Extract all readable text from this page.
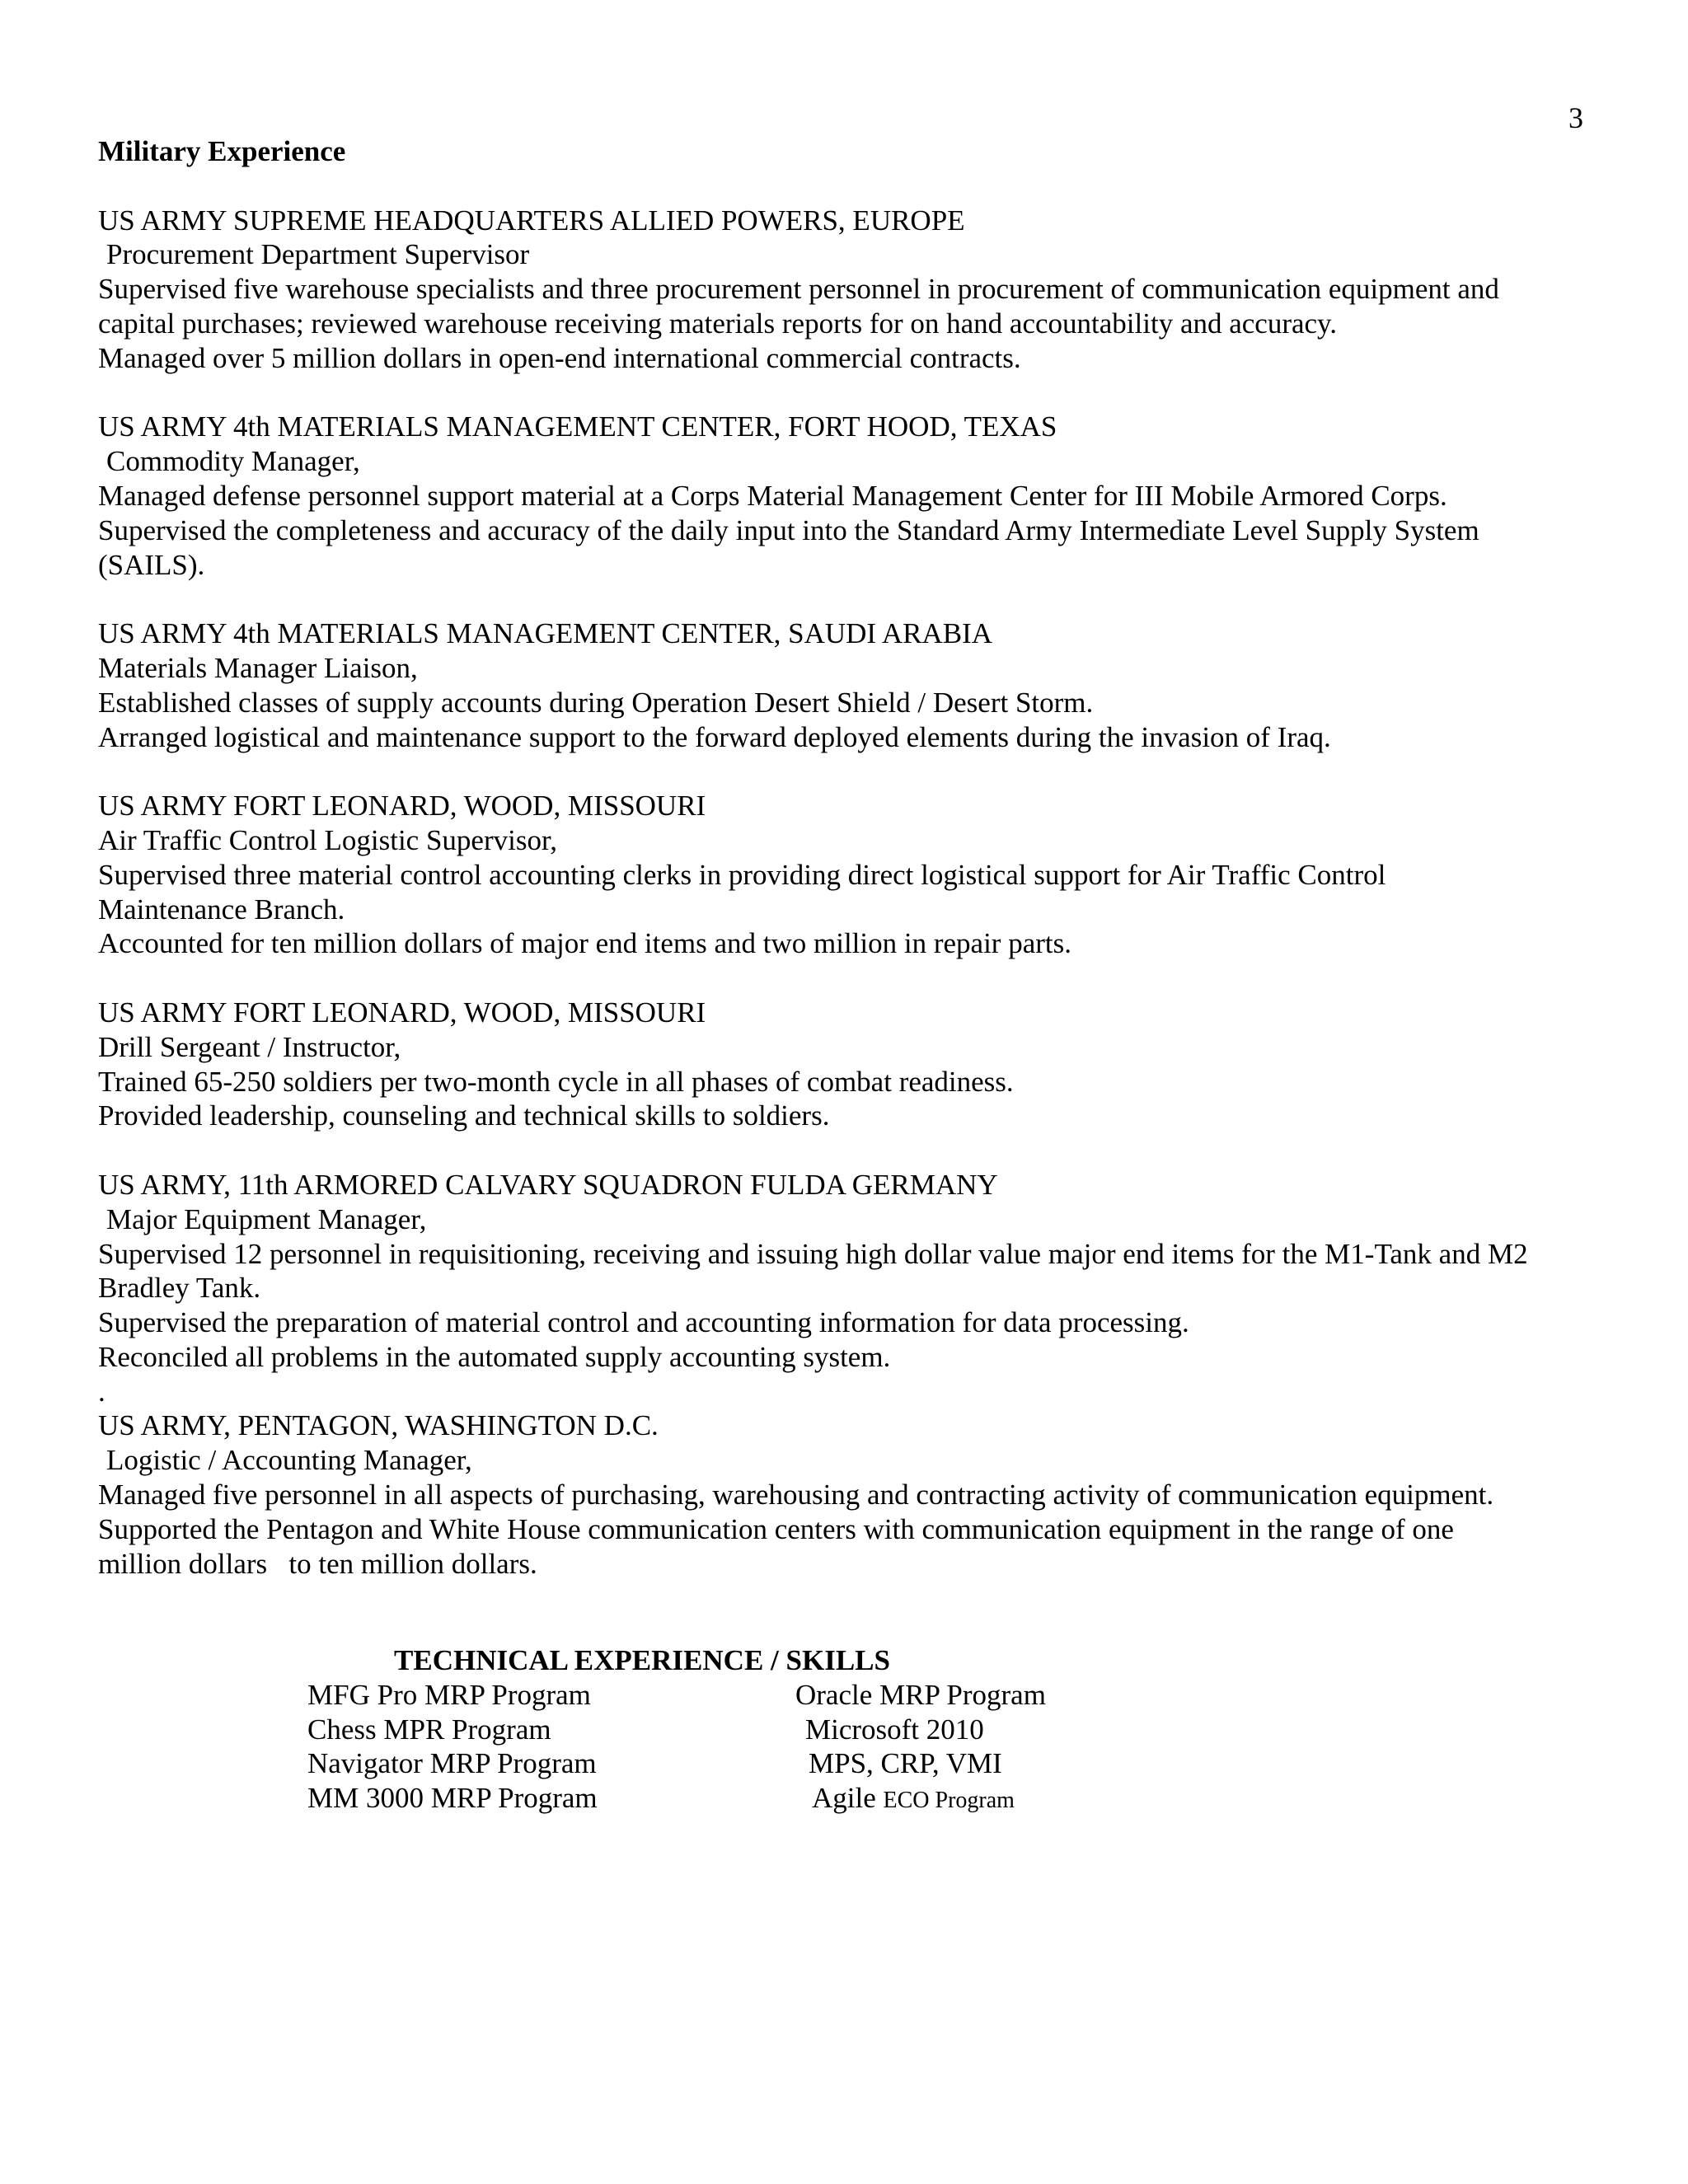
3
Military Experience
US ARMY SUPREME HEADQUARTERS ALLIED POWERS, EUROPE
Procurement Department Supervisor
Supervised five warehouse specialists and three procurement personnel in procurement of communication equipment and
capital purchases; reviewed warehouse receiving materials reports for on hand accountability and accuracy.
Managed over 5 million dollars in open-end international commercial contracts.
US ARMY 4th MATERIALS MANAGEMENT CENTER, FORT HOOD, TEXAS
Commodity Manager,
Managed defense personnel support material at a Corps Material Management Center for III Mobile Armored Corps.
Supervised the completeness and accuracy of the daily input into the Standard Army Intermediate Level Supply System
(SAILS).
US ARMY 4th MATERIALS MANAGEMENT CENTER, SAUDI ARABIA
Materials Manager Liaison,
Established classes of supply accounts during Operation Desert Shield / Desert Storm.
Arranged logistical and maintenance support to the forward deployed elements during the invasion of Iraq.
US ARMY FORT LEONARD, WOOD, MISSOURI
Air Traffic Control Logistic Supervisor,
Supervised three material control accounting clerks in providing direct logistical support for Air Traffic Control
Maintenance Branch.
Accounted for ten million dollars of major end items and two million in repair parts.
US ARMY FORT LEONARD, WOOD, MISSOURI
Drill Sergeant / Instructor,
Trained 65-250 soldiers per two-month cycle in all phases of combat readiness.
Provided leadership, counseling and technical skills to soldiers.
US ARMY, 11th ARMORED CALVARY SQUADRON FULDA GERMANY
Major Equipment Manager,
Supervised 12 personnel in requisitioning, receiving and issuing high dollar value major end items for the M1-Tank and M2
Bradley Tank.
Supervised the preparation of material control and accounting information for data processing.
Reconciled all problems in the automated supply accounting system.
.
US ARMY, PENTAGON, WASHINGTON D.C.
Logistic / Accounting Manager,
Managed five personnel in all aspects of purchasing, warehousing and contracting activity of communication equipment.
Supported the Pentagon and White House communication centers with communication equipment in the range of one
million dollars   to ten million dollars.
TECHNICAL EXPERIENCE / SKILLS
MFG Pro MRP Program
Chess MPR Program
Navigator MRP Program
MM 3000 MRP Program
Oracle MRP Program
Microsoft 2010
MPS, CRP, VMI
Agile ECO Program
